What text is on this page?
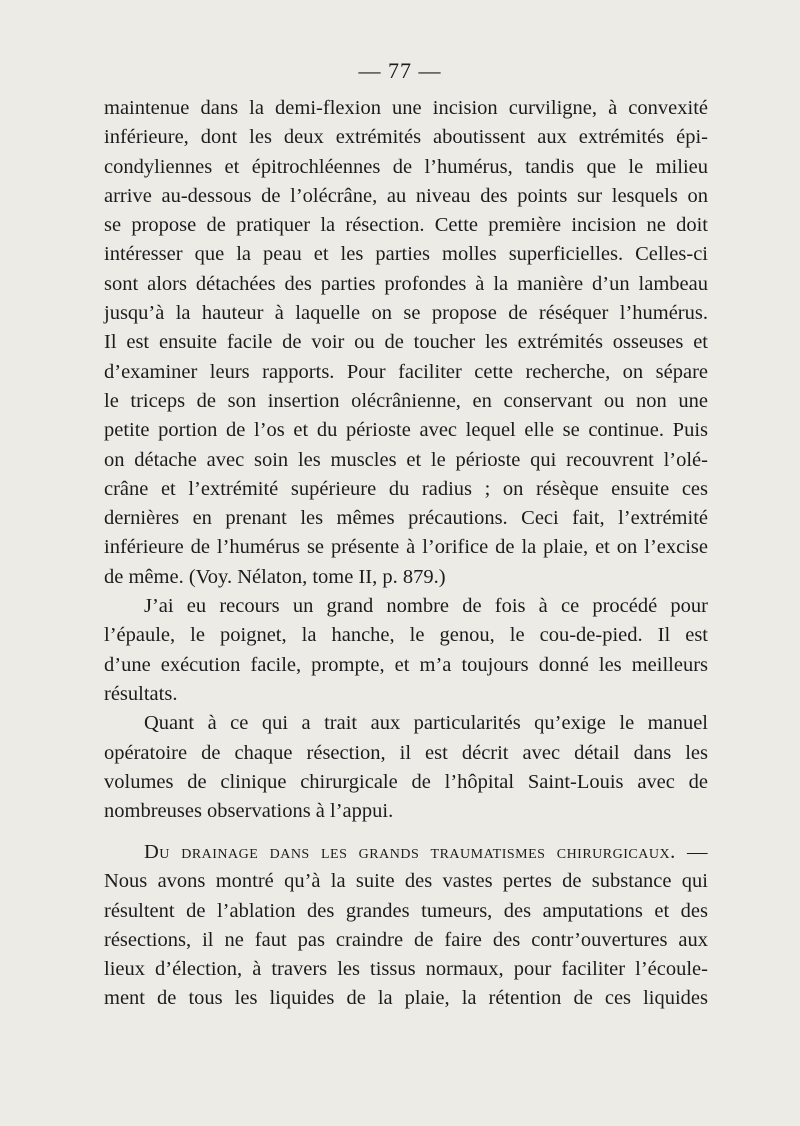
— 77 —

maintenue dans la demi-flexion une incision curviligne, à convexité

inférieure, dont les deux extrémités aboutissent aux extrémités épi-

condyliennes et épitrochléennes de l’humérus, tandis que le milieu

arrive au-dessous de l’olécrâne, au niveau des points sur lesquels on

se propose de pratiquer la résection. Cette première incision ne doit

intéresser que la peau et les parties molles superficielles. Celles-ci

sont alors détachées des parties profondes à la manière d’un lambeau

jusqu’à la hauteur à laquelle on se propose de réséquer l’humérus.

Il est ensuite facile de voir ou de toucher les extrémités osseuses et

d’examiner leurs rapports. Pour faciliter cette recherche, on sépare

le triceps de son insertion olécrânienne, en conservant ou non une

petite portion de l’os et du périoste avec lequel elle se continue. Puis

on détache avec soin les muscles et le périoste qui recouvrent l’olé-

crâne et l’extrémité supérieure du radius ; on résèque ensuite ces

dernières en prenant les mêmes précautions. Ceci fait, l’extrémité

inférieure de l’humérus se présente à l’orifice de la plaie, et on l’excise

de même. (Voy. Nélaton, tome II, p. 879.)

J’ai eu recours un grand nombre de fois à ce procédé pour

l’épaule, le poignet, la hanche, le genou, le cou-de-pied. Il est

d’une exécution facile, prompte, et m’a toujours donné les meilleurs

résultats.

Quant à ce qui a trait aux particularités qu’exige le manuel

opératoire de chaque résection, il est décrit avec détail dans les

volumes de clinique chirurgicale de l’hôpital Saint-Louis avec de

nombreuses observations à l’appui.

Du drainage dans les grands traumatismes chirurgicaux. —

Nous avons montré qu’à la suite des vastes pertes de substance qui

résultent de l’ablation des grandes tumeurs, des amputations et des

résections, il ne faut pas craindre de faire des contr’ouvertures aux

lieux d’élection, à travers les tissus normaux, pour faciliter l’écoule-

ment de tous les liquides de la plaie, la rétention de ces liquides
